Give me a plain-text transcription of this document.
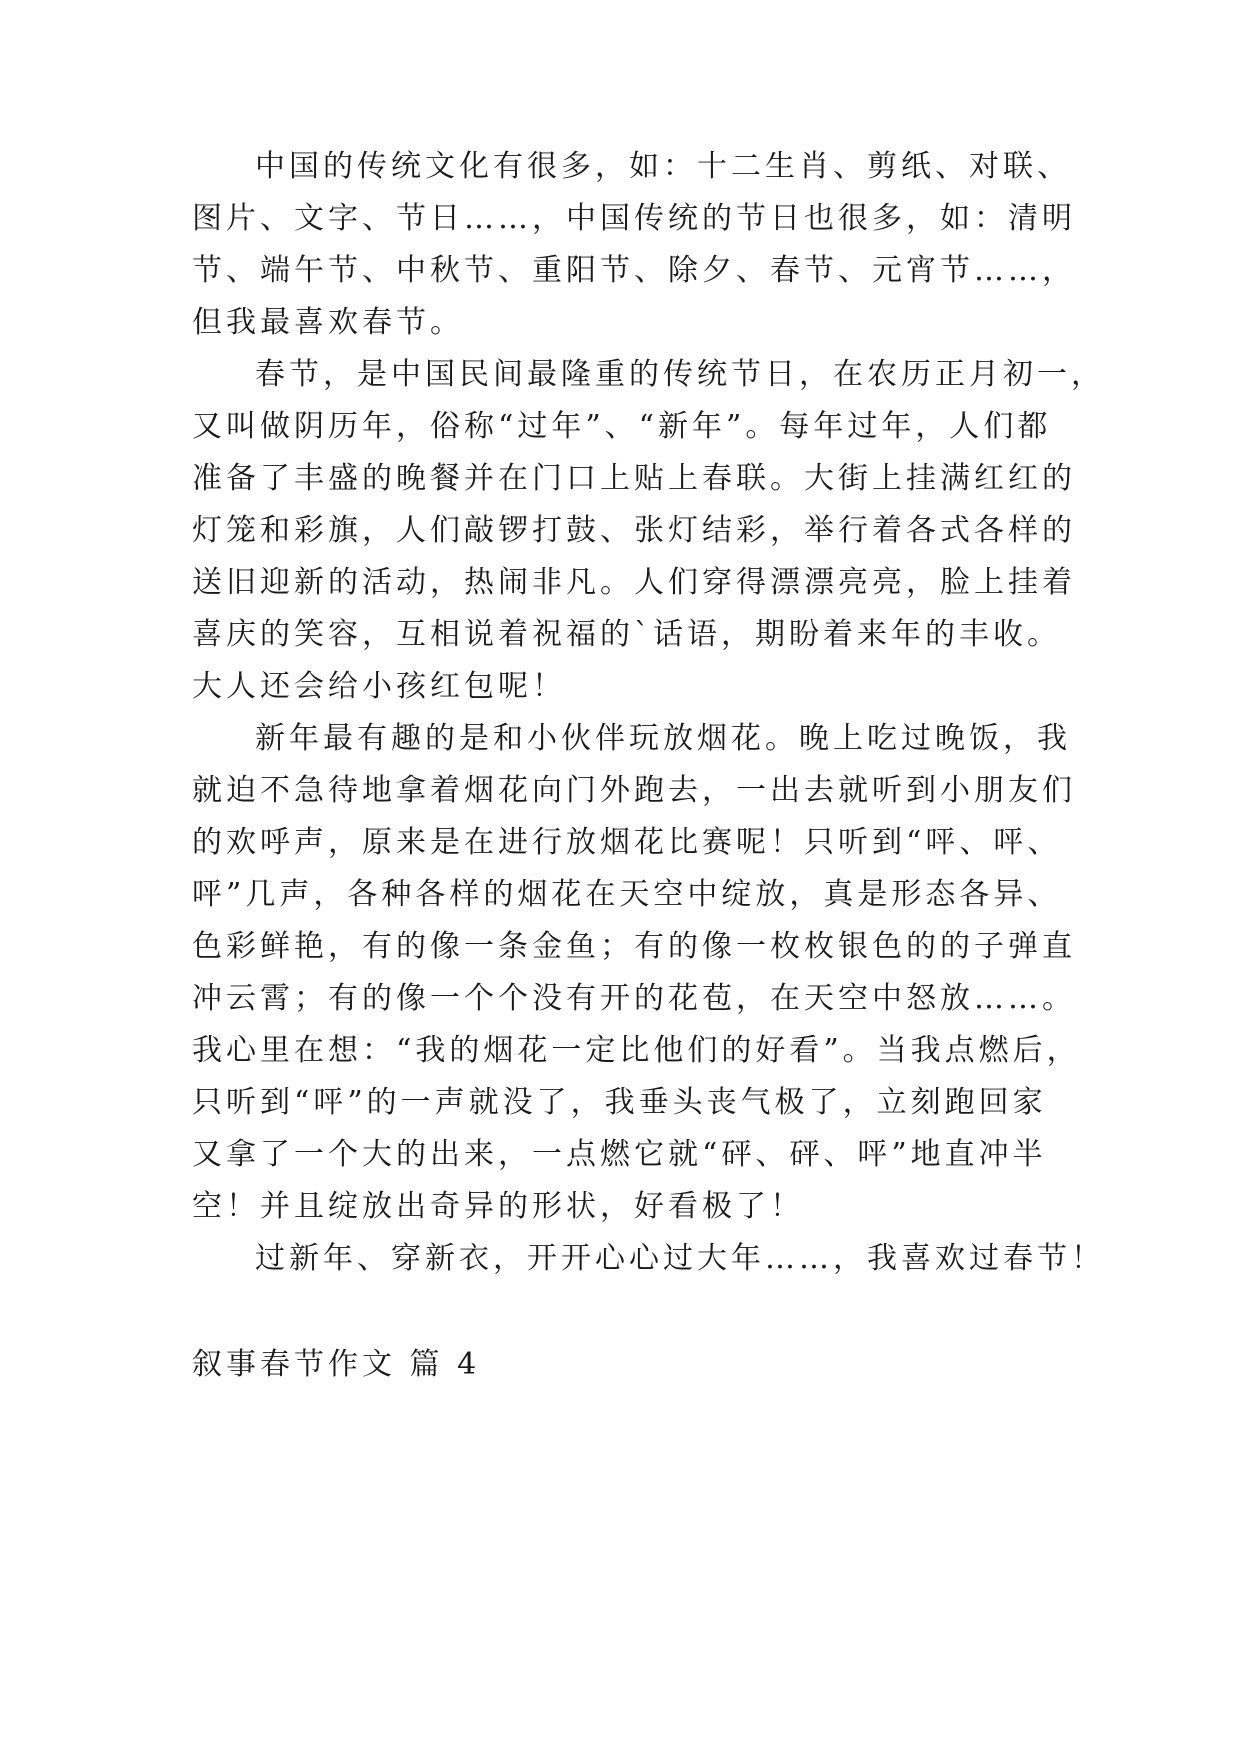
中国的传统文化有很多，如：十二生肖、剪纸、对联、
图片、文字、节日……，中国传统的节日也很多，如：清明
节、端午节、中秋节、重阳节、除夕、春节、元宵节……，
但我最喜欢春节。
春节，是中国民间最隆重的传统节日，在农历正月初一，
又叫做阴历年，俗称“过年”、“新年”。每年过年，人们都
准备了丰盛的晚餐并在门口上贴上春联。大街上挂满红红的
灯笼和彩旗，人们敲锣打鼓、张灯结彩，举行着各式各样的
送旧迎新的活动，热闹非凡。人们穿得漂漂亮亮，脸上挂着
喜庆的笑容，互相说着祝福的`话语，期盼着来年的丰收。
大人还会给小孩红包呢！
新年最有趣的是和小伙伴玩放烟花。晚上吃过晚饭，我
就迫不急待地拿着烟花向门外跑去，一出去就听到小朋友们
的欢呼声，原来是在进行放烟花比赛呢！只听到“呯、呯、
呯”几声，各种各样的烟花在天空中绽放，真是形态各异、
色彩鲜艳，有的像一条金鱼；有的像一枚枚银色的的子弹直
冲云霄；有的像一个个没有开的花苞，在天空中怒放……。
我心里在想：“我的烟花一定比他们的好看”。当我点燃后，
只听到“呯”的一声就没了，我垂头丧气极了，立刻跑回家
又拿了一个大的出来，一点燃它就“砰、砰、呯”地直冲半
空！并且绽放出奇异的形状，好看极了！
过新年、穿新衣，开开心心过大年……，我喜欢过春节！
叙事春节作文 篇 4
